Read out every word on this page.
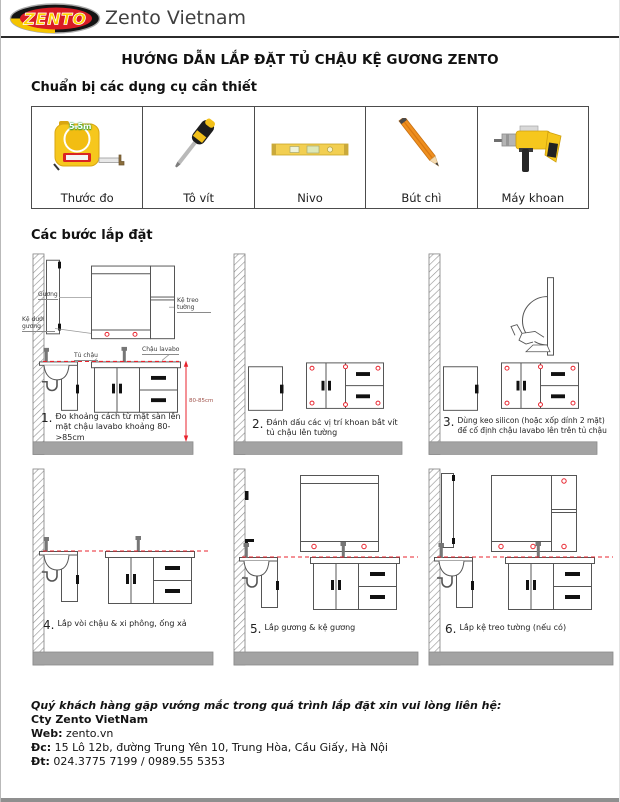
ZENTO Zento Vietnam
HƯỚNG DẪN LẮP ĐẶT TỦ CHẬU KỆ GƯƠNG ZENTO
Chuẩn bị các dụng cụ cần thiết
5.5m
Thước đo	Tô vít	Nivo	Bút chì	Máy khoan
Các bước lắp đặt
Gương
Kệ treo tường
Kệ dưới gương
Tủ chậu
Chậu lavabo
80-85cm
1. Đo khoảng cách từ mặt sàn lên mặt chậu lavabo khoảng 80->85cm
2. Đánh dấu các vị trí khoan bắt vít tủ chậu lên tường
3. Dùng keo silicon (hoặc xốp dính 2 mặt) để cố định chậu lavabo lên trên tủ chậu
4. Lắp vòi chậu & xi phông, ống xả	5. Lắp gương & kệ gương	6. Lắp kệ treo tường (nếu có)
Quý khách hàng gặp vướng mắc trong quá trình lắp đặt xin vui lòng liên hệ:
Cty Zento VietNam
Web: zento.vn
Đc: 15 Lô 12b, đường Trung Yên 10, Trung Hòa, Cầu Giấy, Hà Nội
Đt: 024.3775 7199 / 0989.55 5353
